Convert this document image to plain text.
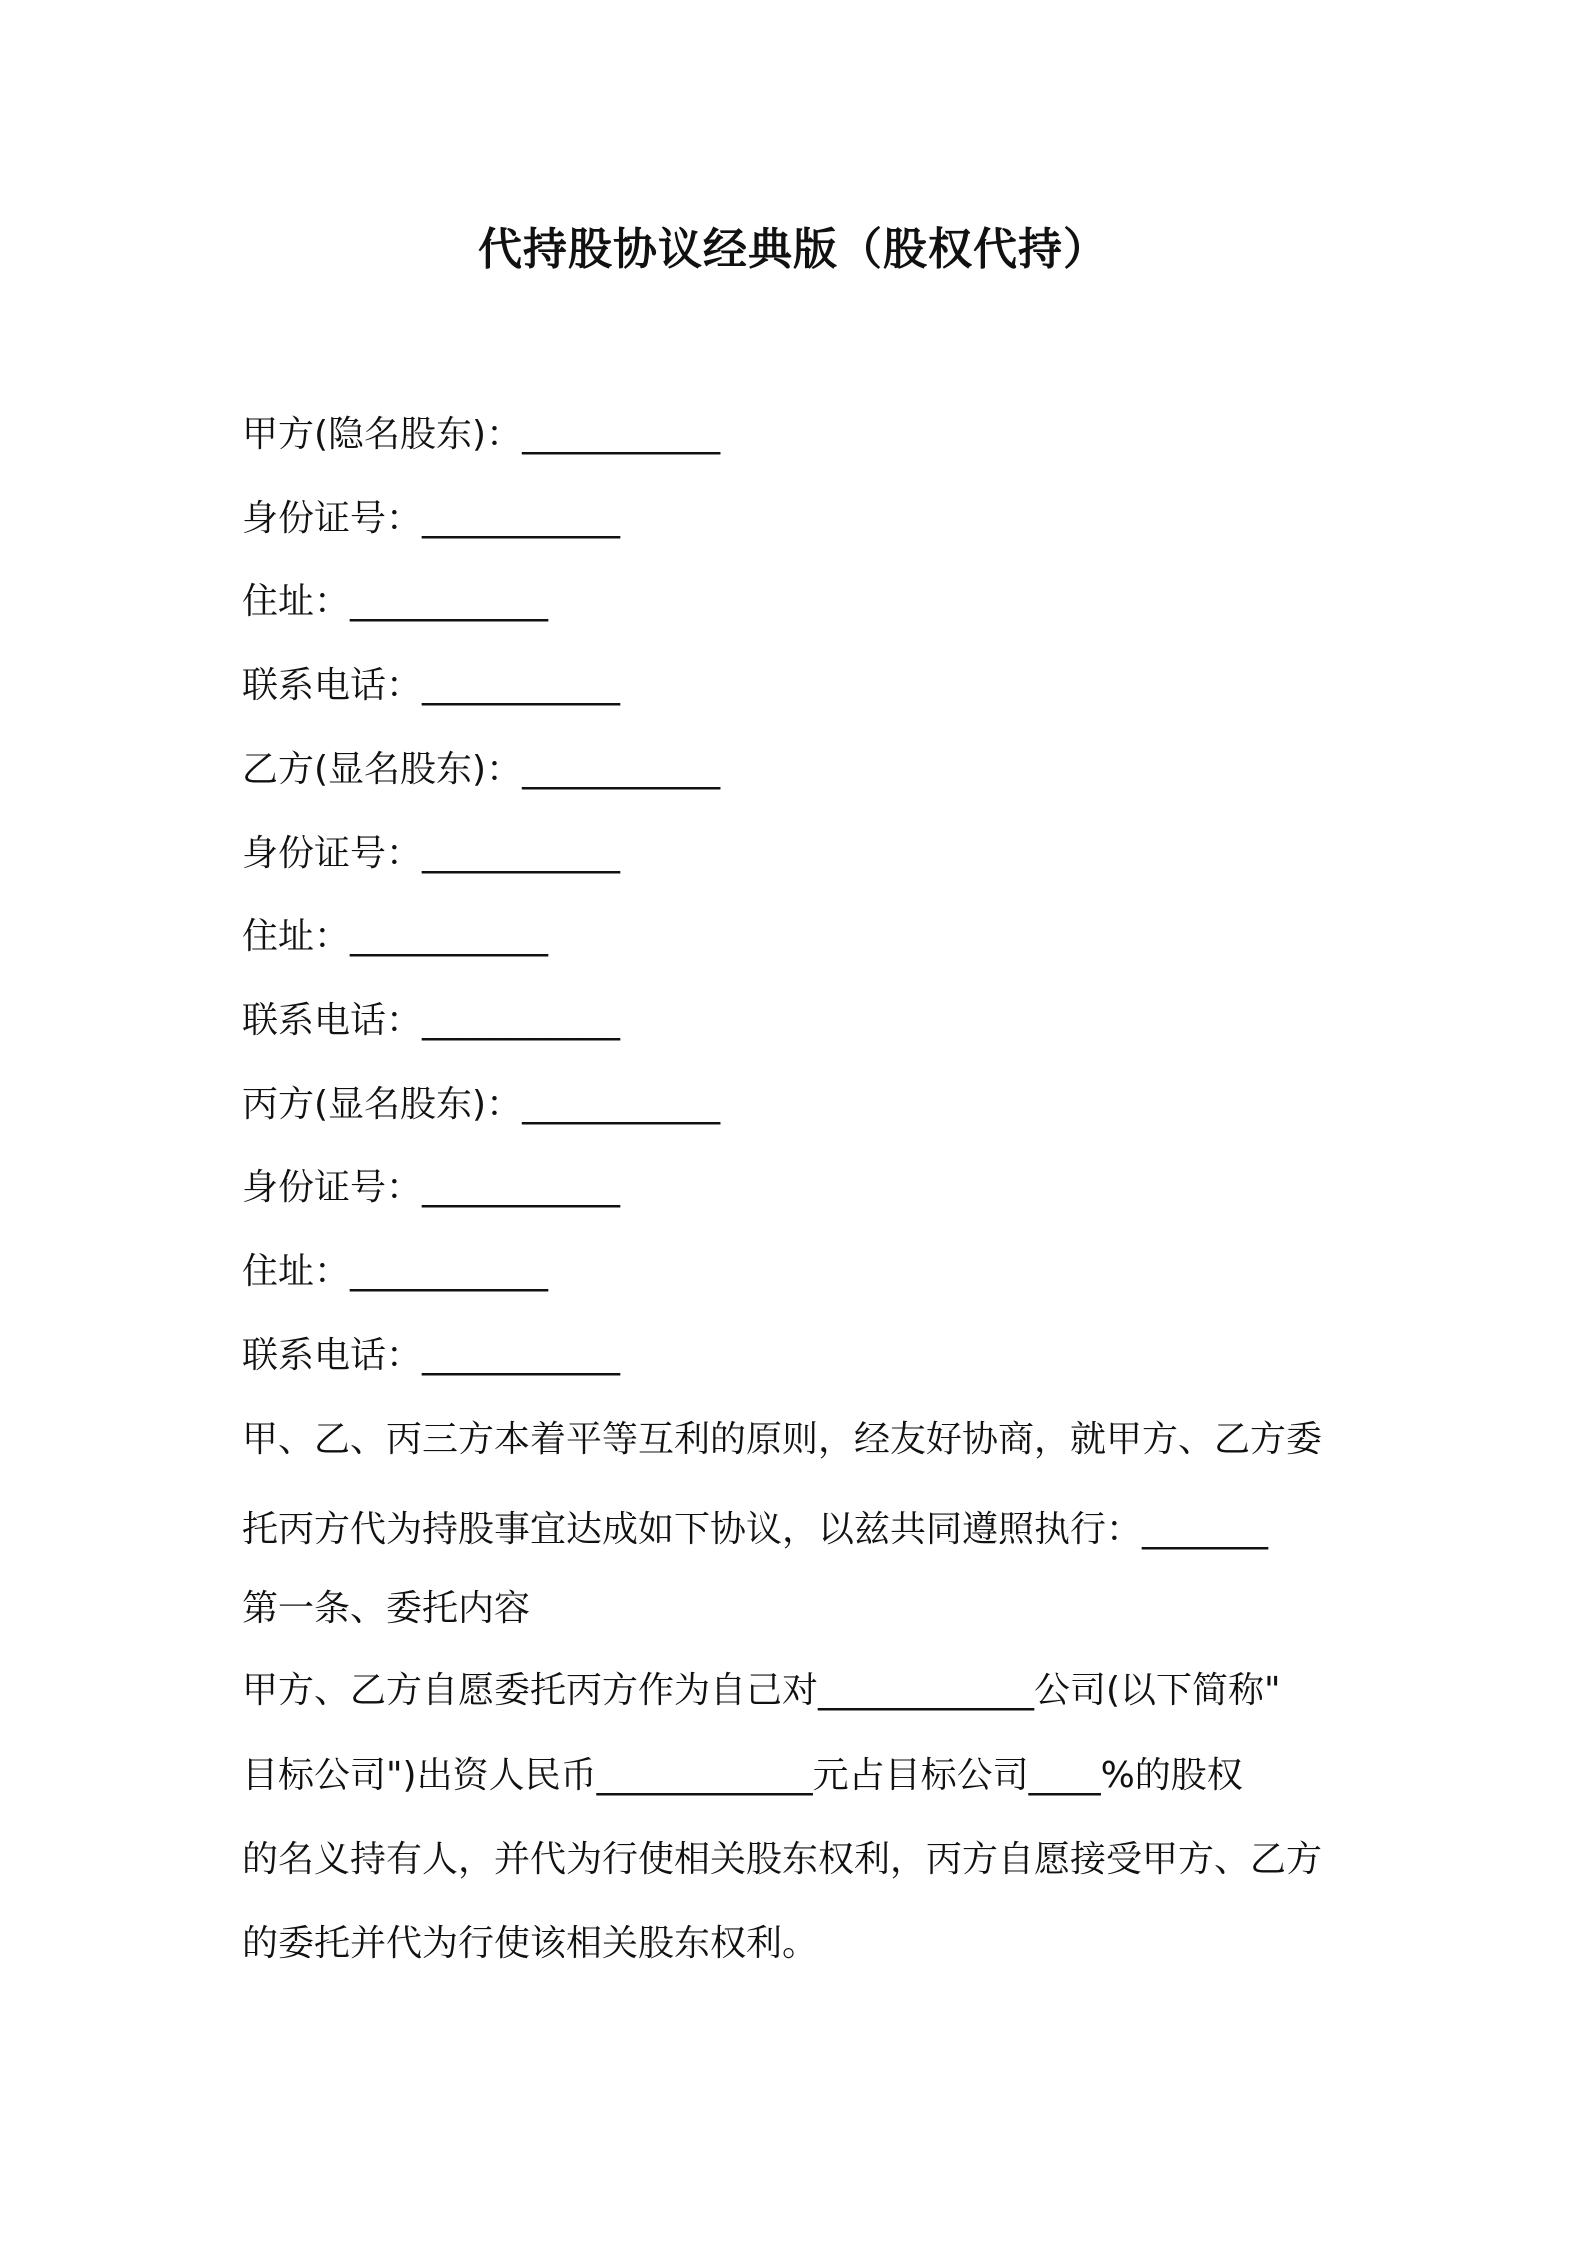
代持股协议经典版（股权代持）

甲方(隐名股东)：___________

身份证号：___________

住址：___________

联系电话：___________

乙方(显名股东)：___________

身份证号：___________

住址：___________

联系电话：___________

丙方(显名股东)：___________

身份证号：___________

住址：___________

联系电话：___________

甲、乙、丙三方本着平等互利的原则，经友好协商，就甲方、乙方委

托丙方代为持股事宜达成如下协议，以兹共同遵照执行：_______

第一条、委托内容

甲方、乙方自愿委托丙方作为自己对____________公司(以下简称"

目标公司")出资人民币____________元占目标公司____%的股权

的名义持有人，并代为行使相关股东权利，丙方自愿接受甲方、乙方

的委托并代为行使该相关股东权利。
